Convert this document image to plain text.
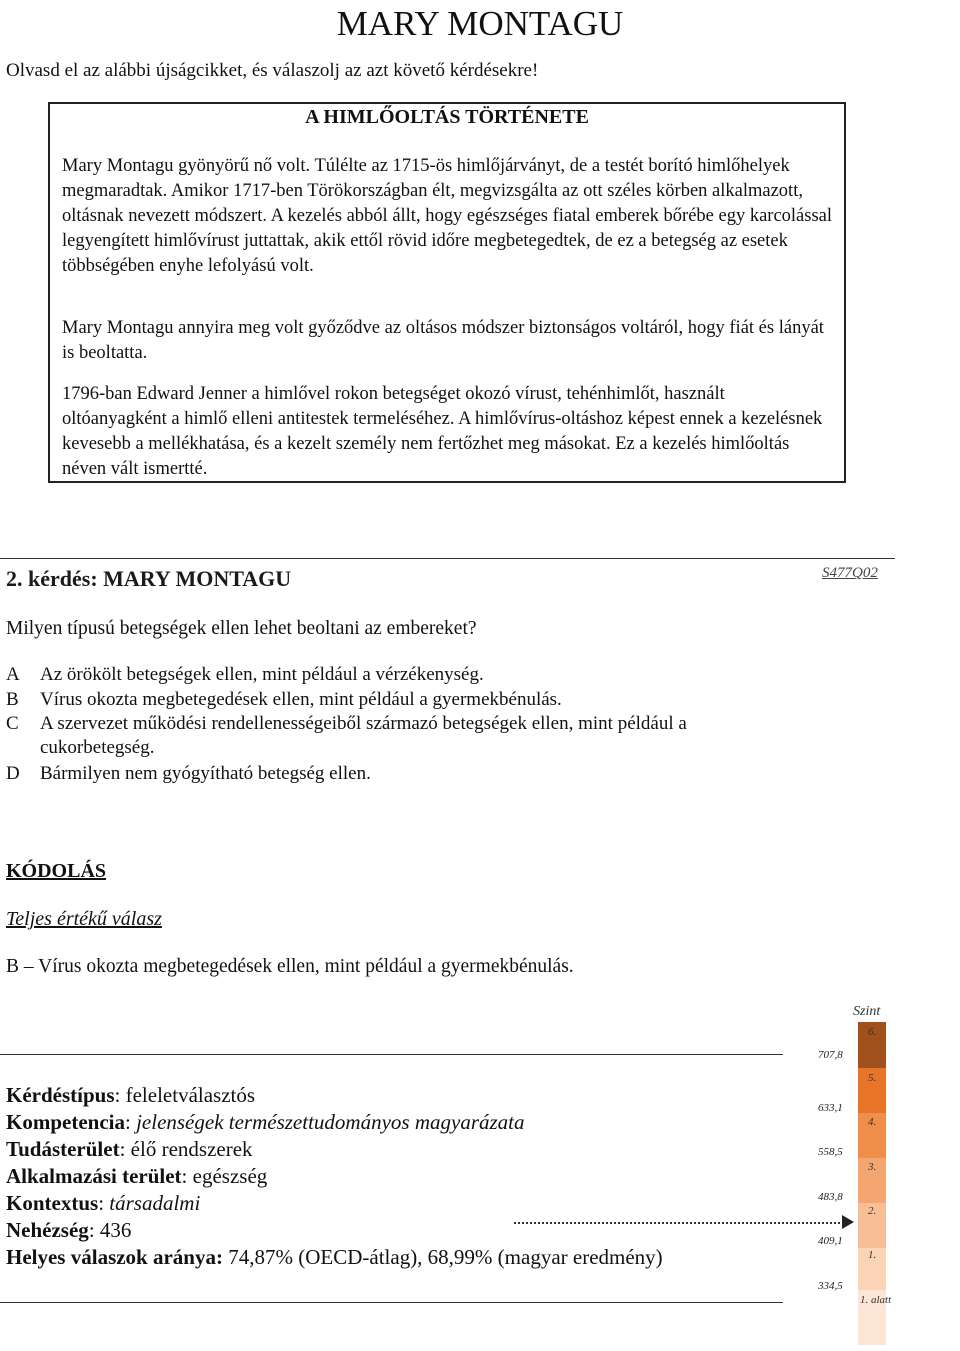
MARY MONTAGU
Olvasd el az alábbi újságcikket, és válaszolj az azt követő kérdésekre!
A HIMLŐOLTÁS TÖRTÉNETE

Mary Montagu gyönyörű nő volt. Túlélte az 1715-ös himlőjárványt, de a testét borító himlőhelyek megmaradtak. Amikor 1717-ben Törökországban élt, megvizsgálta az ott széles körben alkalmazott, oltásnak nevezett módszert. A kezelés abból állt, hogy egészséges fiatal emberek bőrébe egy karcolással legyengített himlővírust juttattak, akik ettől rövid időre megbetegedtek, de ez a betegség az esetek többségében enyhe lefolyású volt.

Mary Montagu annyira meg volt győződve az oltásos módszer biztonságos voltáról, hogy fiát és lányát is beoltatta.

1796-ban Edward Jenner a himlővel rokon betegséget okozó vírust, tehénhimlőt, használt oltóanyagként a himlő elleni antitestek termeléséhez. A himlővírus-oltáshoz képest ennek a kezelésnek kevesebb a mellékhatása, és a kezelt személy nem fertőzhet meg másokat. Ez a kezelés himlőoltás néven vált ismertté.

2. kérdés: MARY MONTAGU	S477Q02
Milyen típusú betegségek ellen lehet beoltani az embereket?
A Az örökölt betegségek ellen, mint például a vérzékenység.
B Vírus okozta megbetegedések ellen, mint például a gyermekbénulás.
C A szervezet működési rendellenességeiből származó betegségek ellen, mint például a
cukorbetegség.
D Bármilyen nem gyógyítható betegség ellen.
KÓDOLÁS
Teljes értékű válasz
B – Vírus okozta megbetegedések ellen, mint például a gyermekbénulás.
Kérdéstípus: feleletválasztós
Kompetencia: jelenségek természettudományos magyarázata
Tudásterület: élő rendszerek
Alkalmazási terület: egészség
Kontextus: társadalmi
Nehézség: 436
Helyes válaszok aránya: 74,87% (OECD-átlag), 68,99% (magyar eredmény)
Szint
6.
5.
4.
3.
2.
1.
1. alatt
707,8
633,1
558,5
483,8
409,1
334,5
